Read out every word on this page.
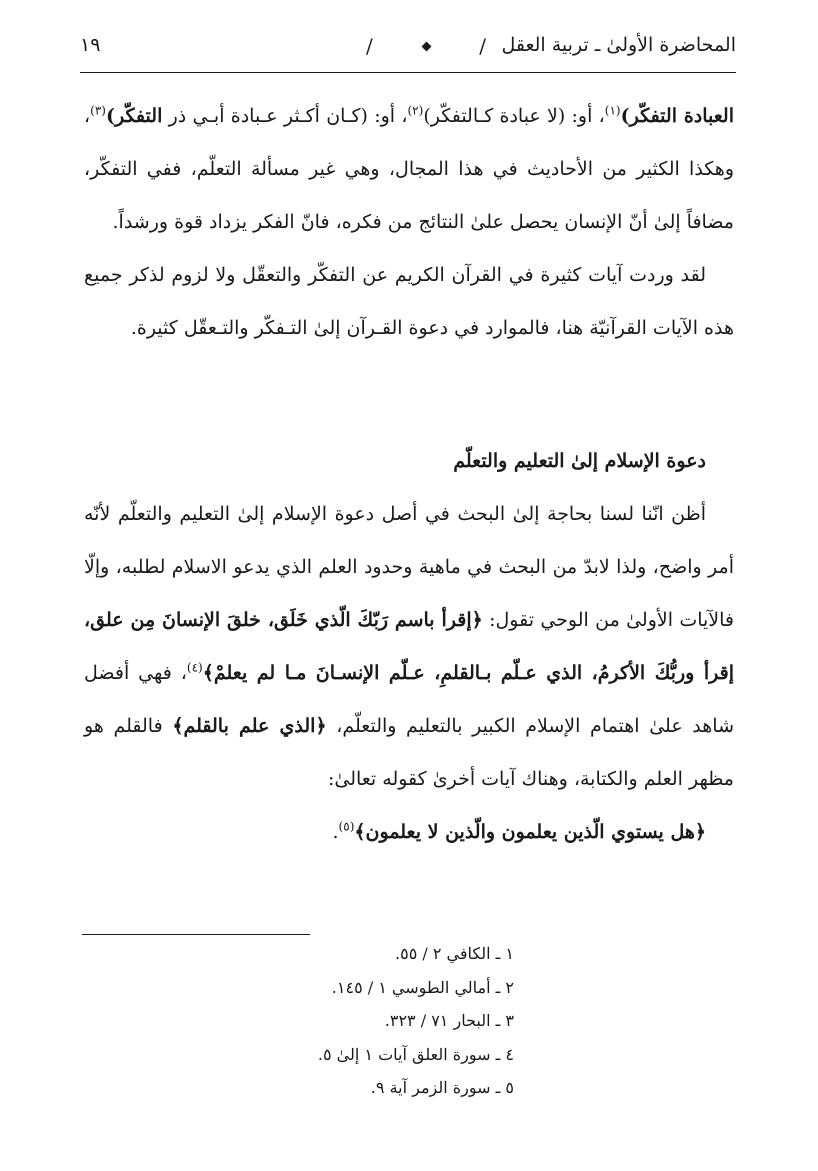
المحاضرة الأولىٰ ـ تربية العقل
/
/
١٩

العبادة التفكّر)$^{(١)}$، أو: (لا عبادة كـالتفكّر)$^{(٢)}$، أو: (كـان أكـثر عـبادة أبـي ذر التفكّر)$^{(٣)}$، وهكذا الكثير من الأحاديث في هذا المجال، وهي غير مسألة التعلّم، ففي التفكّر، مضافاً إلىٰ أنّ الإنسان يحصل علىٰ النتائج من فكره، فانّ الفكر يزداد قوة ورشداً.

لقد وردت آيات كثيرة في القرآن الكريم عن التفكّر والتعقّل ولا لزوم لذكر جميع هذه الآيات القرآنيّة هنا، فالموارد في دعوة القـرآن إلىٰ التـفكّر والتـعقّل كثيرة.

دعوة الإسلام إلىٰ التعليم والتعلّم

أظن انّنا لسنا بحاجة إلىٰ البحث في أصل دعوة الإسلام إلىٰ التعليم والتعلّم لأنّه أمر واضح، ولذا لابدّ من البحث في ماهية وحدود العلم الذي يدعو الاسلام لطلبه، وإلّا فالآيات الأولىٰ من الوحي تقول: ﴿إقرأ باسم رَبّكَ الّذي خَلَق، خلقَ الإنسانَ مِن علق، إقرأ وربُّكَ الأكرمُ، الذي عـلّم بـالقلمِ، عـلّم الإنسـانَ مـا لم يعلمْ﴾$^{(٤)}$، فهي أفضل شاهد علىٰ اهتمام الإسلام الكبير بالتعليم والتعلّم، ﴿الذي علم بالقلم﴾ فالقلم هو مظهر العلم والكتابة، وهناك آيات أخرىٰ كقوله تعالىٰ:

﴿هل يستوي الّذين يعلمون والّذين لا يعلمون﴾$^{(٥)}$.

١ ـ الكافي ٢ / ٥٥.

٢ ـ أمالي الطوسي ١ / ١٤٥.

٣ ـ البحار ٧١ / ٣٢٣.

٤ ـ سورة العلق آيات ١ إلىٰ ٥.

٥ ـ سورة الزمر آية ٩.
